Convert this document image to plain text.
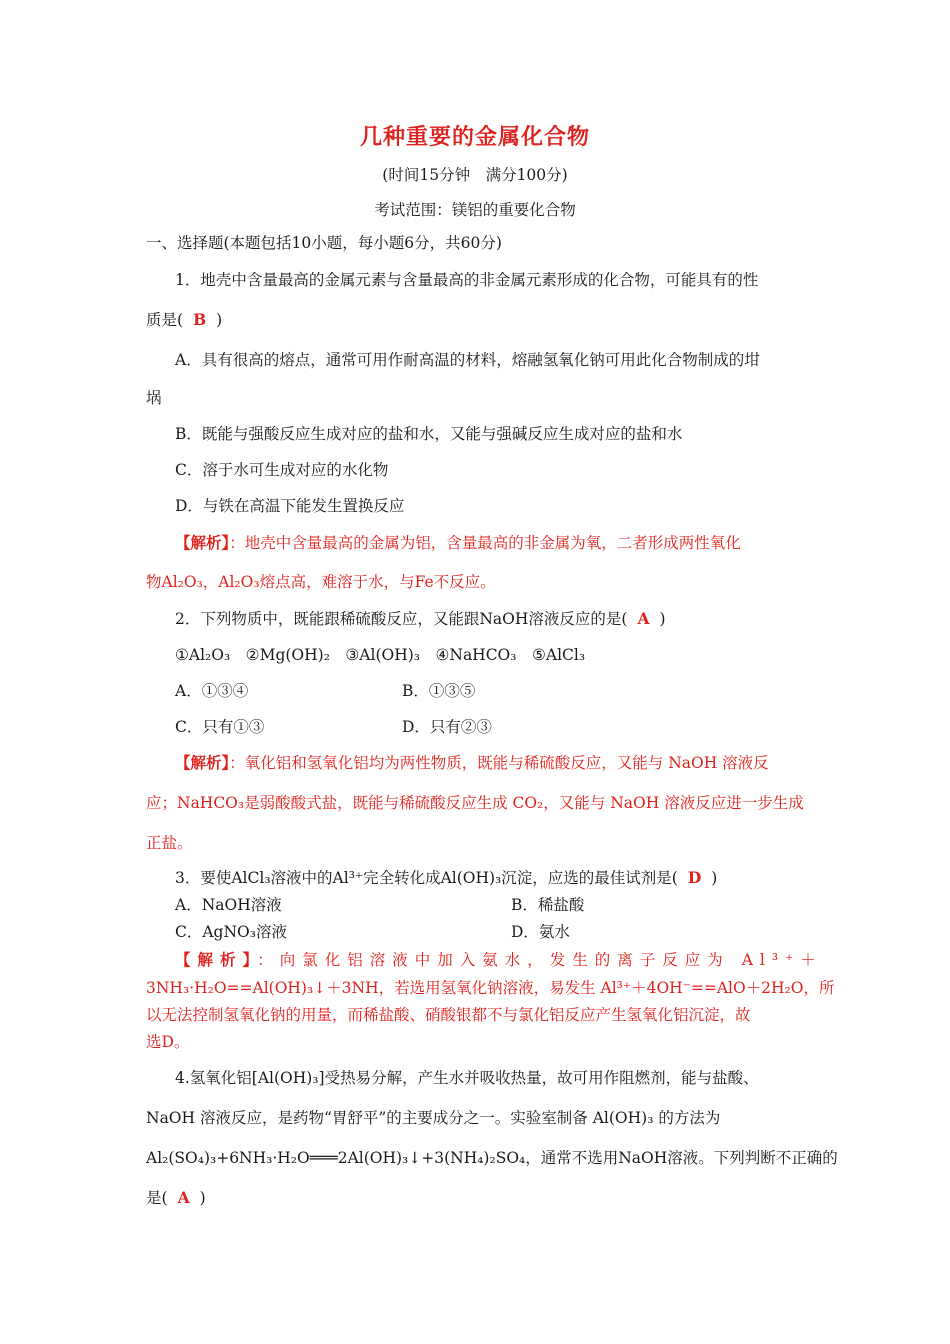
几种重要的金属化合物
(时间15分钟　满分100分)
考试范围：镁铝的重要化合物
一、选择题(本题包括10小题，每小题6分，共60分)
1．地壳中含量最高的金属元素与含量最高的非金属元素形成的化合物，可能具有的性
质是( B )
A．具有很高的熔点，通常可用作耐高温的材料，熔融氢氧化钠可用此化合物制成的坩
埚
B．既能与强酸反应生成对应的盐和水，又能与强碱反应生成对应的盐和水
C．溶于水可生成对应的水化物
D．与铁在高温下能发生置换反应
【解析】：地壳中含量最高的金属为铝，含量最高的非金属为氧，二者形成两性氧化
物Al₂O₃，Al₂O₃熔点高，难溶于水，与Fe不反应。
2．下列物质中，既能跟稀硫酸反应，又能跟NaOH溶液反应的是( A )
①Al₂O₃　②Mg(OH)₂　③Al(OH)₃　④NaHCO₃　⑤AlCl₃
A．①③④	B．①③⑤
C．只有①③	D．只有②③
【解析】：氧化铝和氢氧化铝均为两性物质，既能与稀硫酸反应，又能与 NaOH 溶液反
应；NaHCO₃是弱酸酸式盐，既能与稀硫酸反应生成 CO₂，又能与 NaOH 溶液反应进一步生成
正盐。
3．要使AlCl₃溶液中的Al³⁺完全转化成Al(OH)₃沉淀，应选的最佳试剂是( D )
A．NaOH溶液	B．稀盐酸
C．AgNO₃溶液	D．氨水
【解析】：向氯化铝溶液中加入氨水，发生的离子反应为 Al³⁺＋
3NH₃·H₂O==Al(OH)₃↓＋3NH，若选用氢氧化钠溶液，易发生 Al³⁺＋4OH⁻==AlO＋2H₂O，所
以无法控制氢氧化钠的用量，而稀盐酸、硝酸银都不与氯化铝反应产生氢氧化铝沉淀，故
选D。
4.氢氧化铝[Al(OH)₃]受热易分解，产生水并吸收热量，故可用作阻燃剂，能与盐酸、
NaOH 溶液反应，是药物“胃舒平”的主要成分之一。实验室制备 Al(OH)₃ 的方法为
Al₂(SO₄)₃+6NH₃·H₂O═══2Al(OH)₃↓+3(NH₄)₂SO₄，通常不选用NaOH溶液。下列判断不正确的
是( A )
